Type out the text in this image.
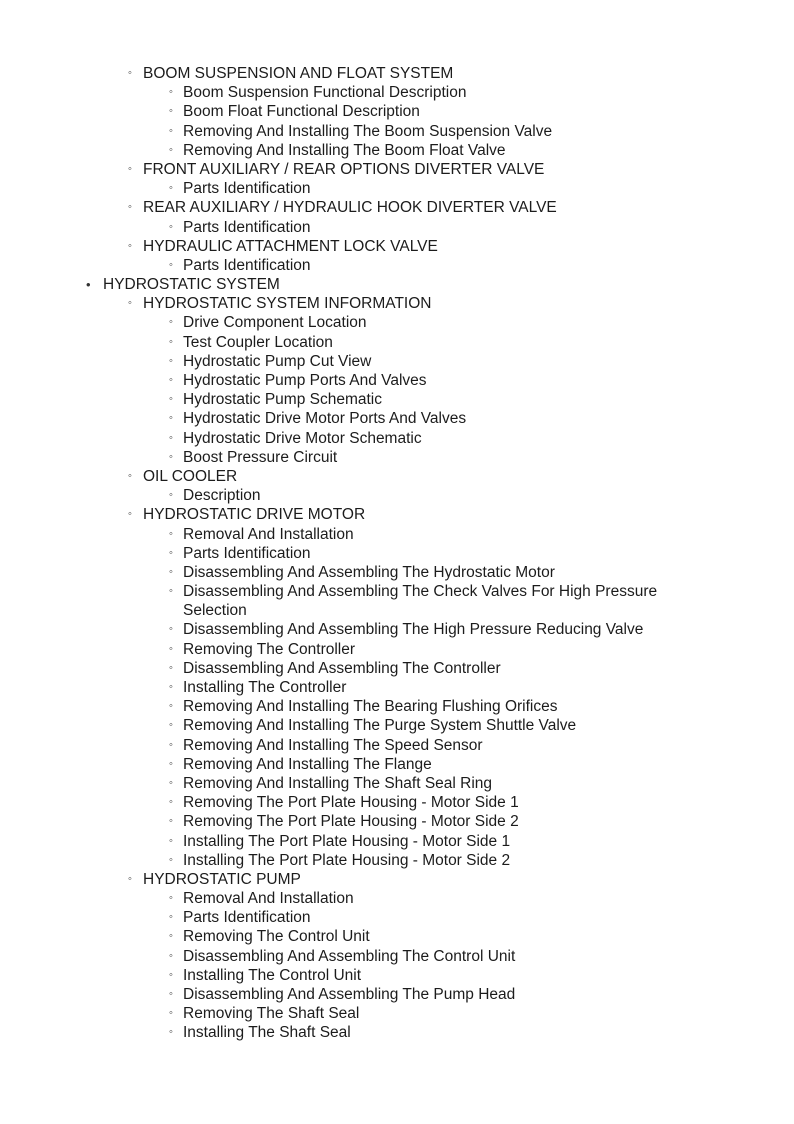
◦ BOOM SUSPENSION AND FLOAT SYSTEM
◦ Boom Suspension Functional Description
◦ Boom Float Functional Description
◦ Removing And Installing The Boom Suspension Valve
◦ Removing And Installing The Boom Float Valve
◦ FRONT AUXILIARY / REAR OPTIONS DIVERTER VALVE
◦ Parts Identification
◦ REAR AUXILIARY / HYDRAULIC HOOK DIVERTER VALVE
◦ Parts Identification
◦ HYDRAULIC ATTACHMENT LOCK VALVE
◦ Parts Identification
• HYDROSTATIC SYSTEM
◦ HYDROSTATIC SYSTEM INFORMATION
◦ Drive Component Location
◦ Test Coupler Location
◦ Hydrostatic Pump Cut View
◦ Hydrostatic Pump Ports And Valves
◦ Hydrostatic Pump Schematic
◦ Hydrostatic Drive Motor Ports And Valves
◦ Hydrostatic Drive Motor Schematic
◦ Boost Pressure Circuit
◦ OIL COOLER
◦ Description
◦ HYDROSTATIC DRIVE MOTOR
◦ Removal And Installation
◦ Parts Identification
◦ Disassembling And Assembling The Hydrostatic Motor
◦ Disassembling And Assembling The Check Valves For High Pressure Selection
◦ Disassembling And Assembling The High Pressure Reducing Valve
◦ Removing The Controller
◦ Disassembling And Assembling The Controller
◦ Installing The Controller
◦ Removing And Installing The Bearing Flushing Orifices
◦ Removing And Installing The Purge System Shuttle Valve
◦ Removing And Installing The Speed Sensor
◦ Removing And Installing The Flange
◦ Removing And Installing The Shaft Seal Ring
◦ Removing The Port Plate Housing - Motor Side 1
◦ Removing The Port Plate Housing - Motor Side 2
◦ Installing The Port Plate Housing - Motor Side 1
◦ Installing The Port Plate Housing - Motor Side 2
◦ HYDROSTATIC PUMP
◦ Removal And Installation
◦ Parts Identification
◦ Removing The Control Unit
◦ Disassembling And Assembling The Control Unit
◦ Installing The Control Unit
◦ Disassembling And Assembling The Pump Head
◦ Removing The Shaft Seal
◦ Installing The Shaft Seal
